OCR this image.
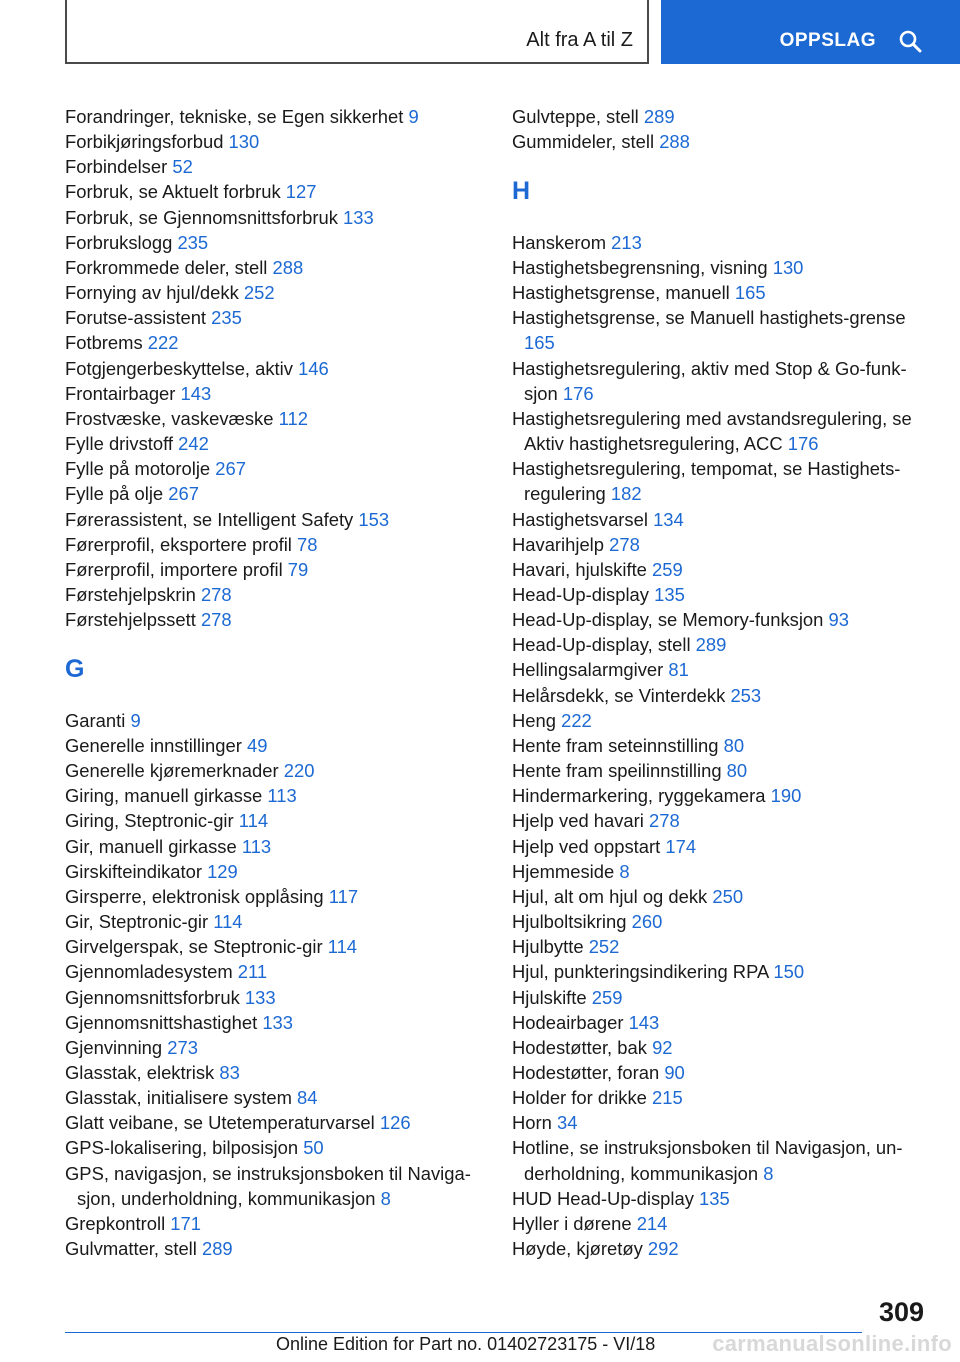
Alt fra A til Z	OPPSLAG
Forandringer, tekniske, se Egen sikkerhet 9
Forbikjøringsforbud 130
Forbindelser 52
Forbruk, se Aktuelt forbruk 127
Forbruk, se Gjennomsnittsforbruk 133
Forbrukslogg 235
Forkrommede deler, stell 288
Fornying av hjul/dekk 252
Forutse-assistent 235
Fotbrems 222
Fotgjengerbeskyttelse, aktiv 146
Frontairbager 143
Frostvæske, vaskevæske 112
Fylle drivstoff 242
Fylle på motorolje 267
Fylle på olje 267
Førerassistent, se Intelligent Safety 153
Førerprofil, eksportere profil 78
Førerprofil, importere profil 79
Førstehjelpskrin 278
Førstehjelpssett 278
G
Garanti 9
Generelle innstillinger 49
Generelle kjøremerknader 220
Giring, manuell girkasse 113
Giring, Steptronic-gir 114
Gir, manuell girkasse 113
Girskifteindikator 129
Girsperre, elektronisk opplåsing 117
Gir, Steptronic-gir 114
Girvelgerspak, se Steptronic-gir 114
Gjennomladesystem 211
Gjennomsnittsforbruk 133
Gjennomsnittshastighet 133
Gjenvinning 273
Glasstak, elektrisk 83
Glasstak, initialisere system 84
Glatt veibane, se Utetemperaturvarsel 126
GPS-lokalisering, bilposisjon 50
GPS, navigasjon, se instruksjonsboken til Naviga-sjon, underholdning, kommunikasjon 8
Grepkontroll 171
Gulvmatter, stell 289
Gulvteppe, stell 289
Gummideler, stell 288
H
Hanskerom 213
Hastighetsbegrensning, visning 130
Hastighetsgrense, manuell 165
Hastighetsgrense, se Manuell hastighets-grense 165
Hastighetsregulering, aktiv med Stop & Go-funk-sjon 176
Hastighetsregulering med avstandsregulering, se Aktiv hastighetsregulering, ACC 176
Hastighetsregulering, tempomat, se Hastighets-regulering 182
Hastighetsvarsel 134
Havarihjelp 278
Havari, hjulskifte 259
Head-Up-display 135
Head-Up-display, se Memory-funksjon 93
Head-Up-display, stell 289
Hellingsalarmgiver 81
Helårsdekk, se Vinterdekk 253
Heng 222
Hente fram seteinnstilling 80
Hente fram speilinnstilling 80
Hindermarkering, ryggekamera 190
Hjelp ved havari 278
Hjelp ved oppstart 174
Hjemmeside 8
Hjul, alt om hjul og dekk 250
Hjulboltsikring 260
Hjulbytte 252
Hjul, punkteringsindikering RPA 150
Hjulskifte 259
Hodeairbager 143
Hodestøtter, bak 92
Hodestøtter, foran 90
Holder for drikke 215
Horn 34
Hotline, se instruksjonsboken til Navigasjon, un-derholdning, kommunikasjon 8
HUD Head-Up-display 135
Hyller i dørene 214
Høyde, kjøretøy 292
309
Online Edition for Part no. 01402723175 - VI/18	carmanualsonline.info
